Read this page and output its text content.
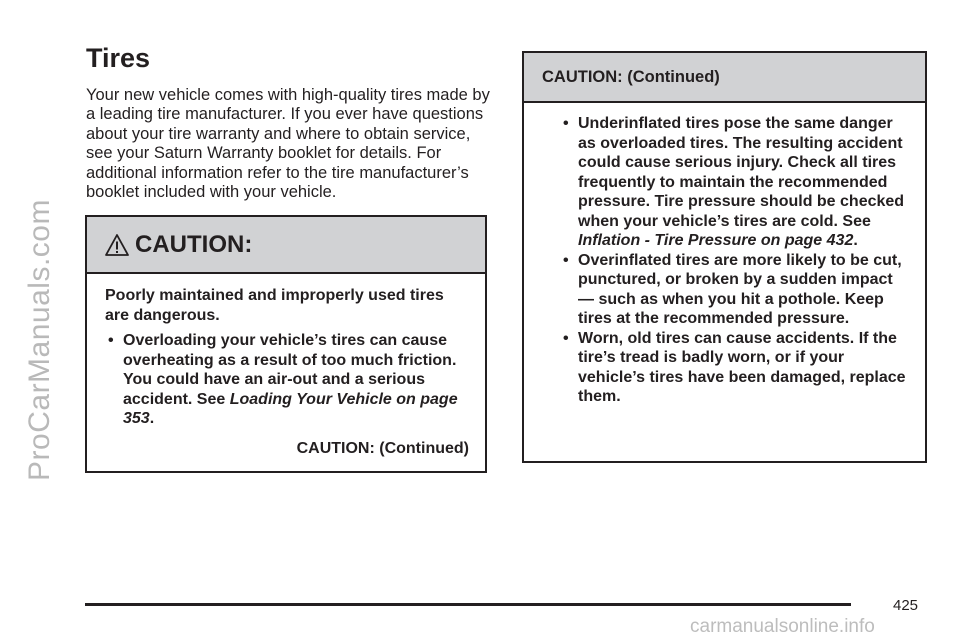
ProCarManuals.com
Tires

Your new vehicle comes with high-quality tires made by a leading tire manufacturer. If you ever have questions about your tire warranty and where to obtain service, see your Saturn Warranty booklet for details. For additional information refer to the tire manufacturer’s booklet included with your vehicle.

CAUTION:

Poorly maintained and improperly used tires are dangerous.

• Overloading your vehicle’s tires can cause overheating as a result of too much friction. You could have an air-out and a serious accident. See Loading Your Vehicle on page 353.
CAUTION: (Continued)
CAUTION: (Continued)
• Underinflated tires pose the same danger as overloaded tires. The resulting accident could cause serious injury. Check all tires frequently to maintain the recommended pressure. Tire pressure should be checked when your vehicle’s tires are cold. See Inflation - Tire Pressure on page 432.
• Overinflated tires are more likely to be cut, punctured, or broken by a sudden impact — such as when you hit a pothole. Keep tires at the recommended pressure.
• Worn, old tires can cause accidents. If the tire’s tread is badly worn, or if your vehicle’s tires have been damaged, replace them.
425
carmanualsonline.info
